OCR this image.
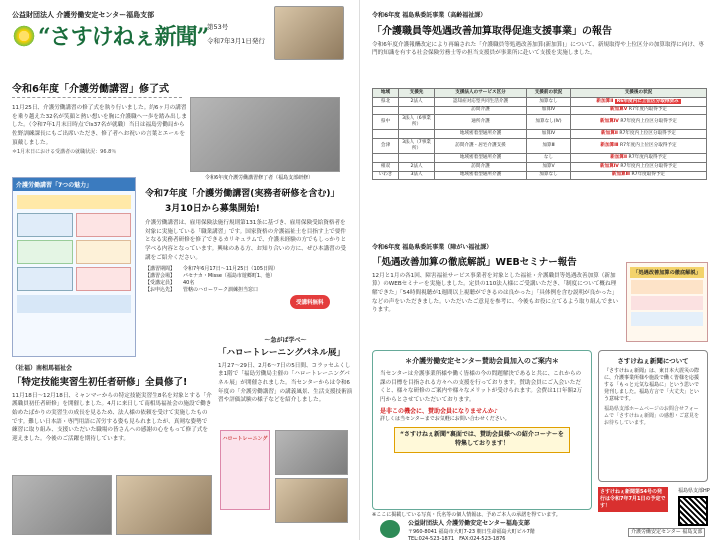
公益財団法人 介護労働安定センター福島支部
“さすけねぇ新聞”
第53号
令和7年3月1日発行
令和6年度「介護労働講習」修了式
11月25日、介護労働講習の修了式を執り行いました。約6ヶ月の講習を乗り越えた32名が笑顔と熱い想いを胸に介護職へ一歩を踏み出しました。（令和7年1月末日時点でIs37名が就職）当日は福島労働局から佐野訓練課長にもご出席いただき、修了者へお祝いの言葉とエールを頂戴しました。
＊1月末日における受講者の就職状況：96.8％
令和6年度介護労働講習修了者（福島支部研修）
介護労働講習「7つの魅力」
令和7年度「介護労働講習(実務者研修を含む)」
3月10日から募集開始!
介護労働講習は、雇用保険法施行規則第131条に基づき、雇用保険受給資格者を対象に実施している「職業講習」です。国家資格の介護福祉士を目指す上で要件となる実務者研修を修了できるカリキュラムで、介護未経験の方でもしっかりと学べる内容となっています。興味のある方、お知り合いの方に、ぜひ本講習の受講をご紹介ください。
【講習期間】	令和7年6月17日～11月25日（105日間）
【講習会場】	パセナカ・Misse（福島市遊郷町1、他）
【受講定員】	40名
【お申込先】	管轄のハローワーク訓練担当窓口
受講料無料
（社福）南相馬福祉会
「特定技能実習生初任者研修」全員修了!
11月18日～12月18日、ミャンマーからの特定技能実習生8名を対象とする「介護職員初任者研修」を開催しました。4月に来日して南相馬福祉会の施設で働き始めたばかりの実習生の成長を見るため、法人様の依頼を受けて実施したものです。難しい日本語・専門用語に苦労する姿も見られましたが、真剣な姿勢で練習に取り組み、支援いただいた職場の皆さんへの感謝の心をもって修了式を迎えました。今後のご活躍を期待しています。
～急がば学べ～
「ハロートレーニングパネル展」
1月27～29日、2月6～7日の5日間、コラッセふくしま1階で「福島労働局主催の「ハロートレーニングパネル展」が開催されました。当センターからは令和6年度の「介護労働講習」の講義風景、生活支援技術演習や評価試験の様子などを紹介しました。
ハロートレーニング
令和6年度 福島県委託事業（高齢福祉課）
「介護職員等処遇改善加算取得促進支援事業」の報告
令和6年度介護報酬改定により再編された「介護職員等処遇改善加算(新加算)」について、新規取得や上位区分の加算取得に向け、専門的知識を有する社会保険労務士等の担当支援員が事業所に赴いて支援を実施しました。
地域	支援先	支援法人のサービス区分	支援前の状況	支援後の状況
県北	2法人	認知症対応型共同生活介護	加算なし	新加算Ⅱ R6年度内に上位区分取得済み
		訪問介護	加算Ⅳ	新加算Ⅴ R7年度内取得予定
県中	3法人（6事業所）	通所介護	加算なし(Ⅳ)	新加算Ⅳ R7年度内上位区分取得予定
		地域密着型通所介護	加算Ⅳ	新加算Ⅱ R7年度内上位区分取得予定
会津	3法人（7事業所）	訪問介護・居宅介護支援	加算Ⅲ	新加算Ⅲ R7年度内上位区分取得予定
		地域密着型通所介護	なし	新加算Ⅱ R7年度内取得予定
相双	2法人	訪問介護	加算Ⅴ	新加算Ⅳ R7年度内上位区分取得予定
いわき	3法人	地域密着型通所介護	加算なし	新加算Ⅲ R7年度取得予定
令和6年度 福島県委託事業（障がい福祉課）
「処遇改善加算の徹底解説」WEBセミナー報告
12月と1月の各1回、障害福祉サービス事業者を対象とした福祉・介護職員等処遇改善加算（新加算）のWEBセミナーを実施しました。定員の110法人様にご受講いただき、「制度について概ね理解できた」「54時間視聴が1週間以上視聴ができるのは良かった」「具体例を含む説明が良かった」などの声をいただきました。いただいたご意見を参考に、今後もお役に立てるよう取り組んでまいります。
「処遇改善加算の徹底解説」
＊介護労働安定センター賛助会員加入のご案内＊
当センターは介護事業所様や働く皆様の今の問題解決であると共に、これからの課の目標を目指される方々への支援を行っております。賛助会員にご入会いただくと、様々な研修のご案内や様々なメリットが受けられます。会費は1口年額2万円からとさせていただいております。
是非この機会に、賛助会員になりませんか♪
詳しくは当センターまでお気軽にお問い合わせください。
“さすけねぇ新聞”裏面では、賛助会員様への紹介コーナーを特集しております！
さすけねぇ新聞について
『さすけねぇ新聞』は、東日本大震災の際に、介護事業所様や施設で働く皆様を応援する「もっと元気な福島に」という思いで発刊しました。福島方言で「大丈夫」という意味です。
福島県支部ホームページのお問合せフォームで「さすけねぇ新聞」の感想・ご意見をお待ちしています。
さすけねぇ新聞第54号の発行は令和7年7月1日の予定です！
※ここに掲載している写真・氏名等の個人情報は、予めご本人の承諾を得ています。
公益財団法人 介護労働安定センター福島支部
〒960-8041 福島市大町7-23 朝日生命福島大町ビル7階
TEL:024-523-1871　 FAX:024-523-1876
福島県支部HP
介護労働安定センター 福島支部
